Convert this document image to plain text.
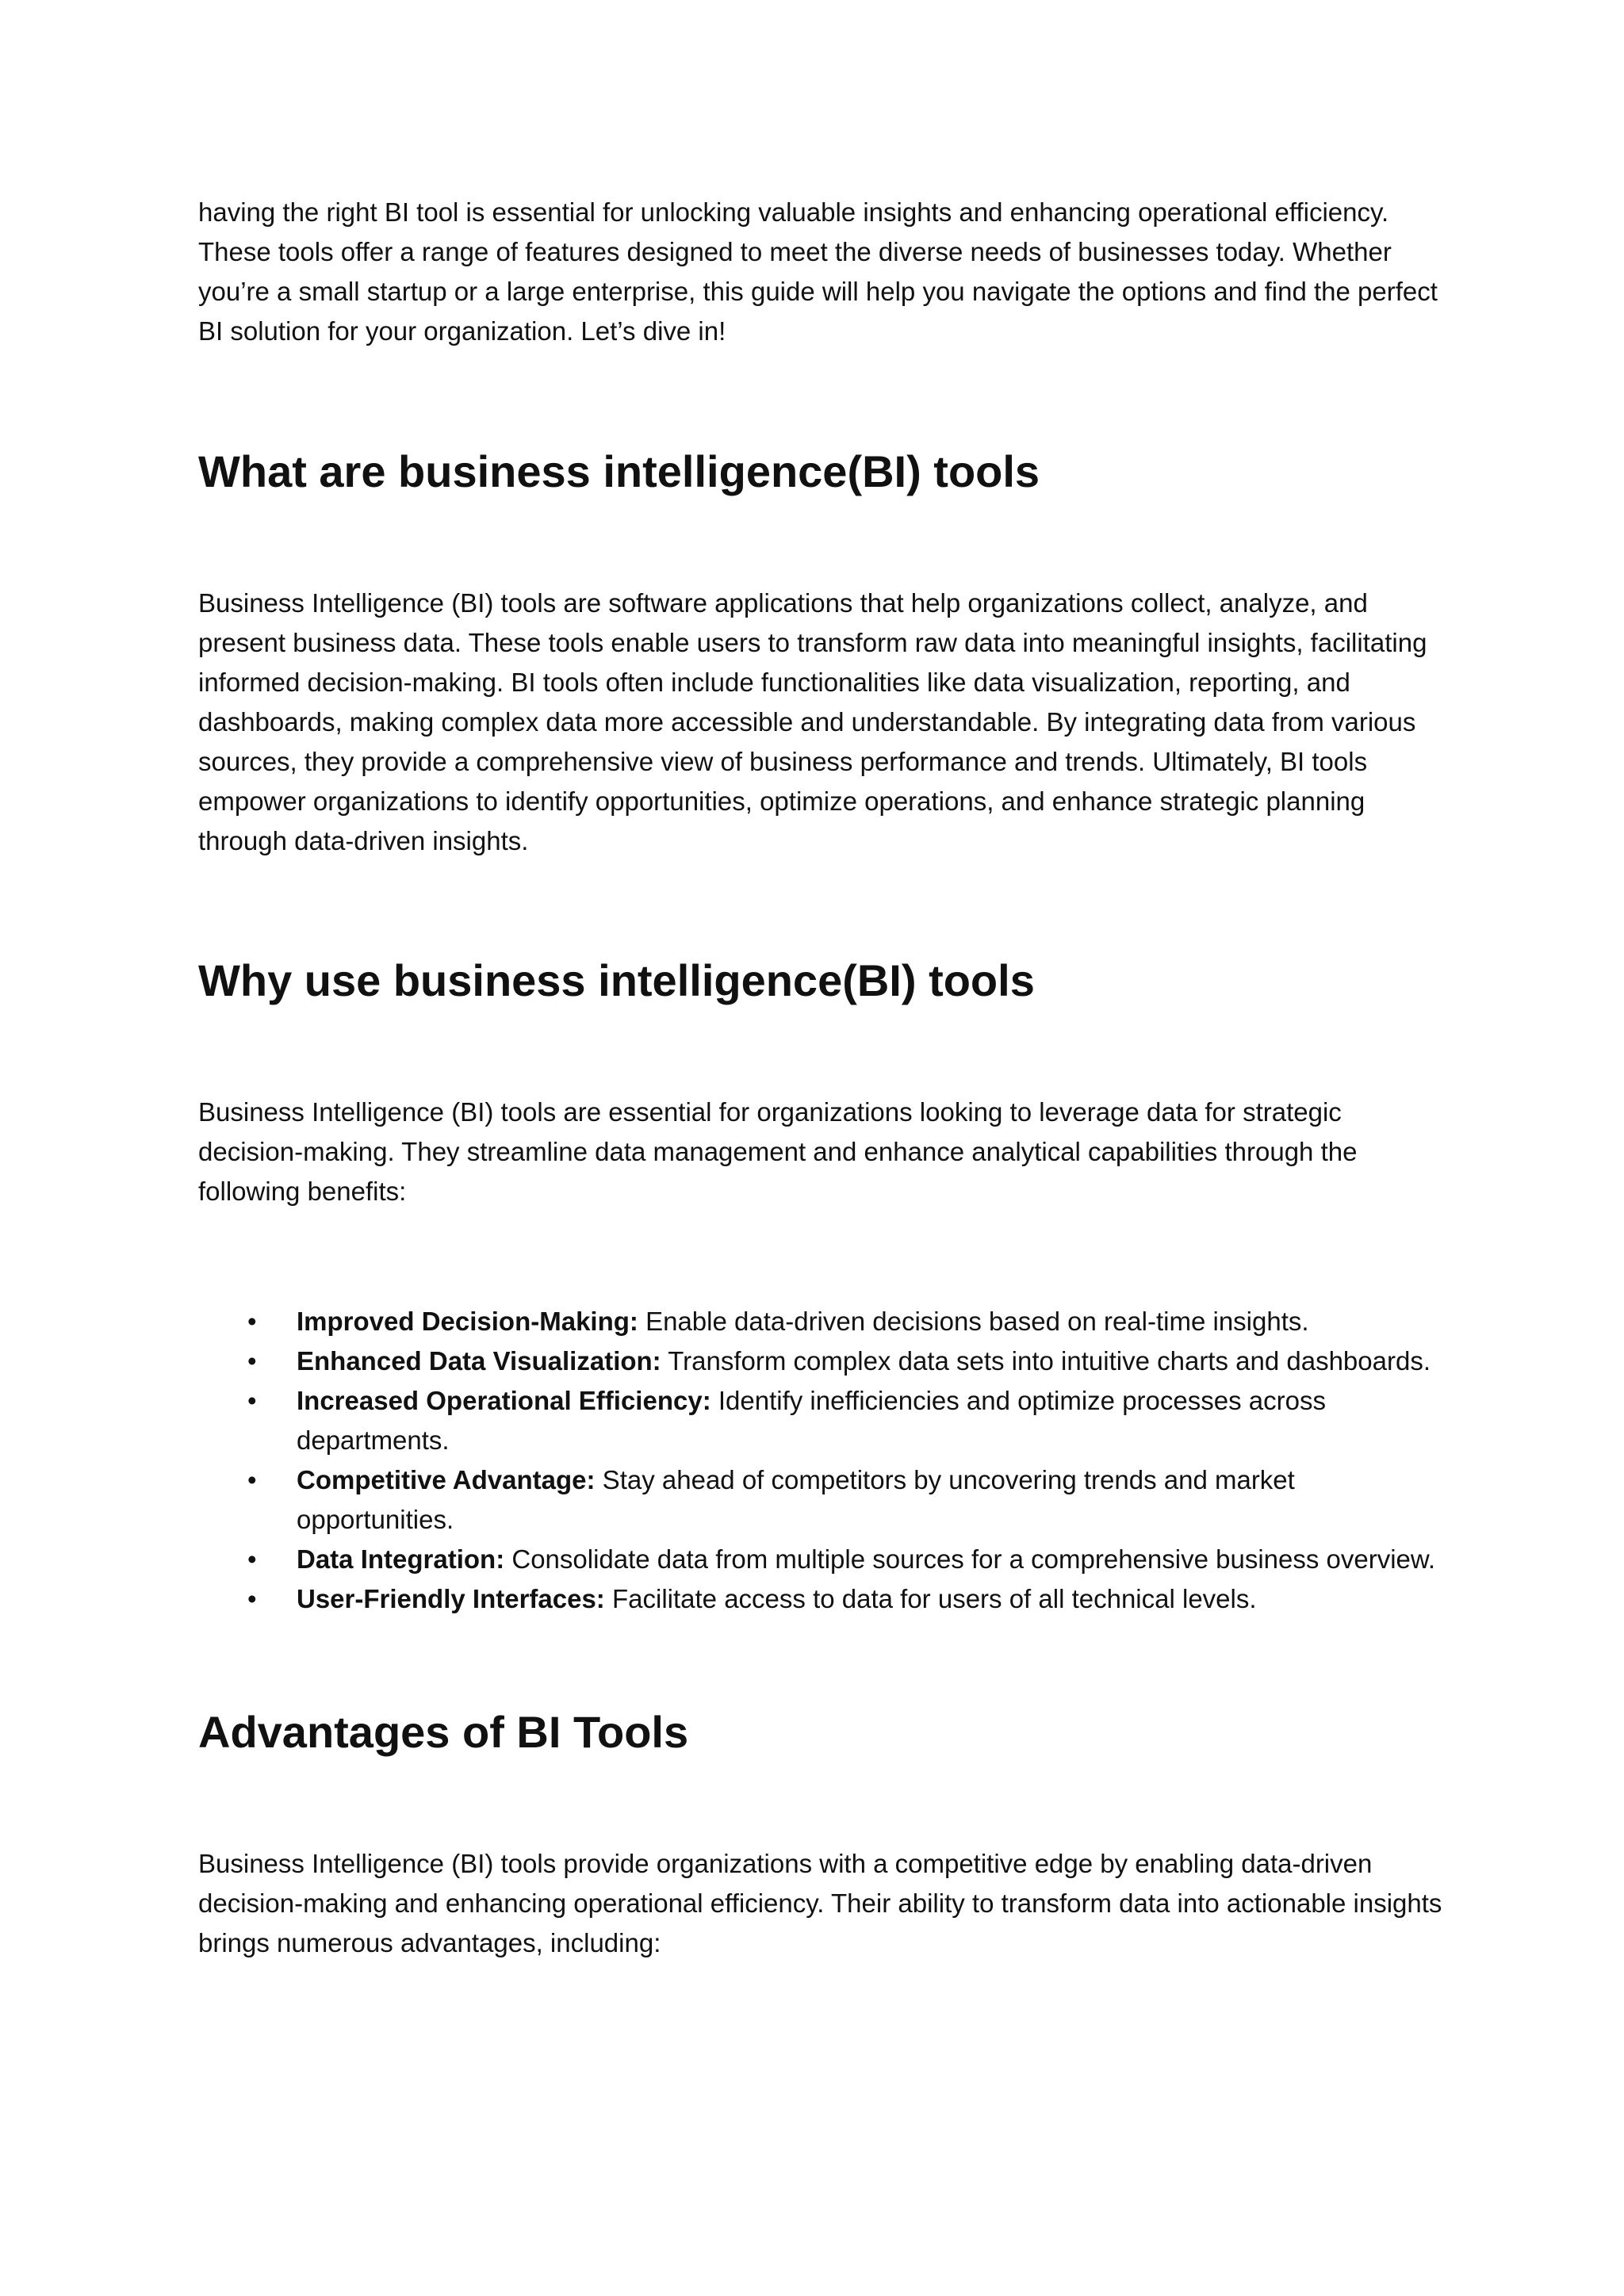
having the right BI tool is essential for unlocking valuable insights and enhancing operational efficiency. These tools offer a range of features designed to meet the diverse needs of businesses today. Whether you’re a small startup or a large enterprise, this guide will help you navigate the options and find the perfect BI solution for your organization. Let’s dive in!

What are business intelligence(BI) tools

Business Intelligence (BI) tools are software applications that help organizations collect, analyze, and present business data. These tools enable users to transform raw data into meaningful insights, facilitating informed decision-making. BI tools often include functionalities like data visualization, reporting, and dashboards, making complex data more accessible and understandable. By integrating data from various sources, they provide a comprehensive view of business performance and trends. Ultimately, BI tools empower organizations to identify opportunities, optimize operations, and enhance strategic planning through data-driven insights.

Why use business intelligence(BI) tools

Business Intelligence (BI) tools are essential for organizations looking to leverage data for strategic decision-making. They streamline data management and enhance analytical capabilities through the following benefits:

•	Improved Decision-Making: Enable data-driven decisions based on real-time insights.
•	Enhanced Data Visualization: Transform complex data sets into intuitive charts and dashboards.
•	Increased Operational Efficiency: Identify inefficiencies and optimize processes across departments.
•	Competitive Advantage: Stay ahead of competitors by uncovering trends and market opportunities.
•	Data Integration: Consolidate data from multiple sources for a comprehensive business overview.
•	User-Friendly Interfaces: Facilitate access to data for users of all technical levels.
Advantages of BI Tools

Business Intelligence (BI) tools provide organizations with a competitive edge by enabling data-driven decision-making and enhancing operational efficiency. Their ability to transform data into actionable insights brings numerous advantages, including:
